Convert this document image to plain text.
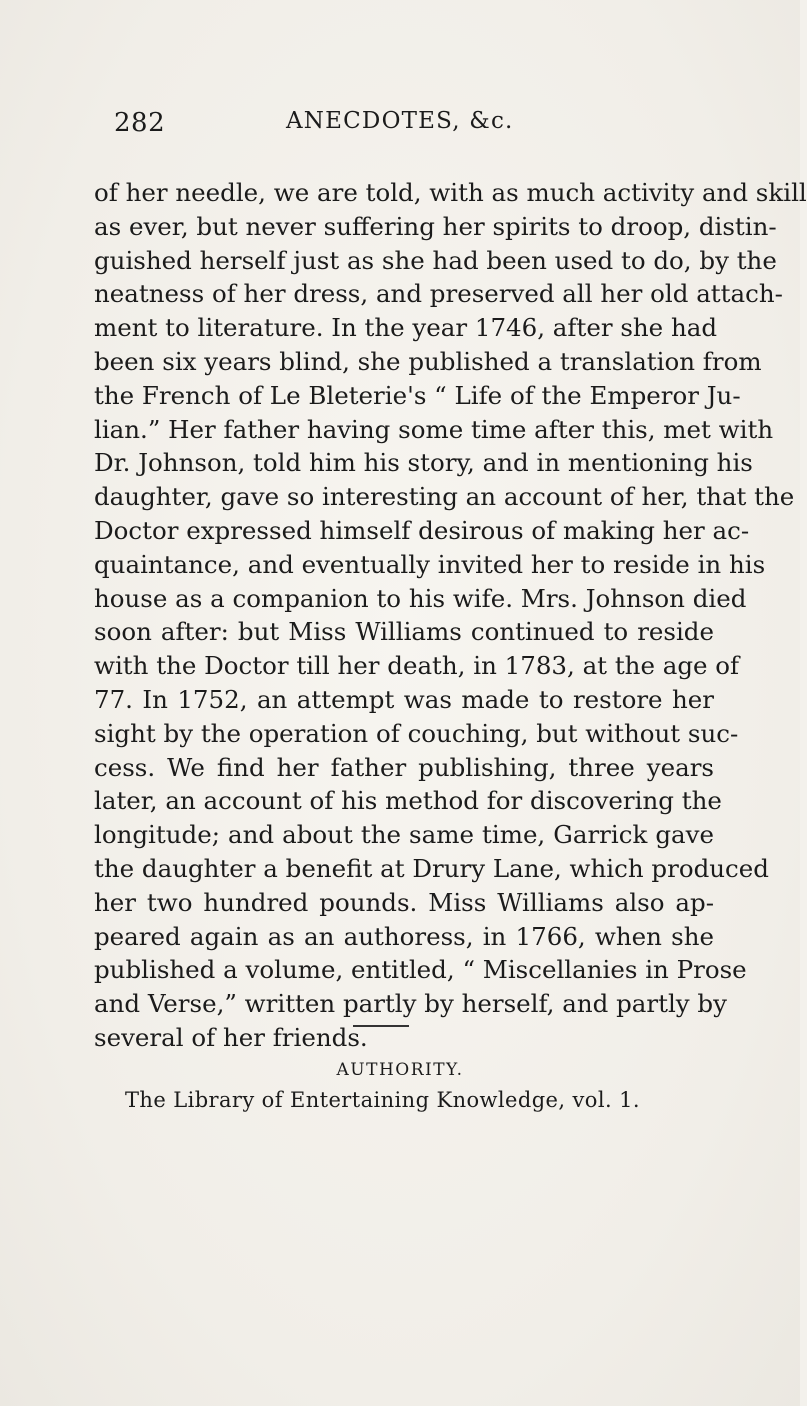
282	ANECDOTES, &c.
of her needle, we are told, with as much activity and skill
as ever, but never suffering her spirits to droop, distin-
guished herself just as she had been used to do, by the
neatness of her dress, and preserved all her old attach-
ment to literature. In the year 1746, after she had
been six years blind, she published a translation from
the French of Le Bleterie's “ Life of the Emperor Ju-
lian.” Her father having some time after this, met with
Dr. Johnson, told him his story, and in mentioning his
daughter, gave so interesting an account of her, that the
Doctor expressed himself desirous of making her ac-
quaintance, and eventually invited her to reside in his
house as a companion to his wife. Mrs. Johnson died
soon after: but Miss Williams continued to reside
with the Doctor till her death, in 1783, at the age of
77. In 1752, an attempt was made to restore her
sight by the operation of couching, but without suc-
cess. We find her father publishing, three years
later, an account of his method for discovering the
longitude; and about the same time, Garrick gave
the daughter a benefit at Drury Lane, which produced
her two hundred pounds. Miss Williams also ap-
peared again as an authoress, in 1766, when she
published a volume, entitled, “ Miscellanies in Prose
and Verse,” written partly by herself, and partly by
several of her friends.
AUTHORITY.
The Library of Entertaining Knowledge, vol. 1.
